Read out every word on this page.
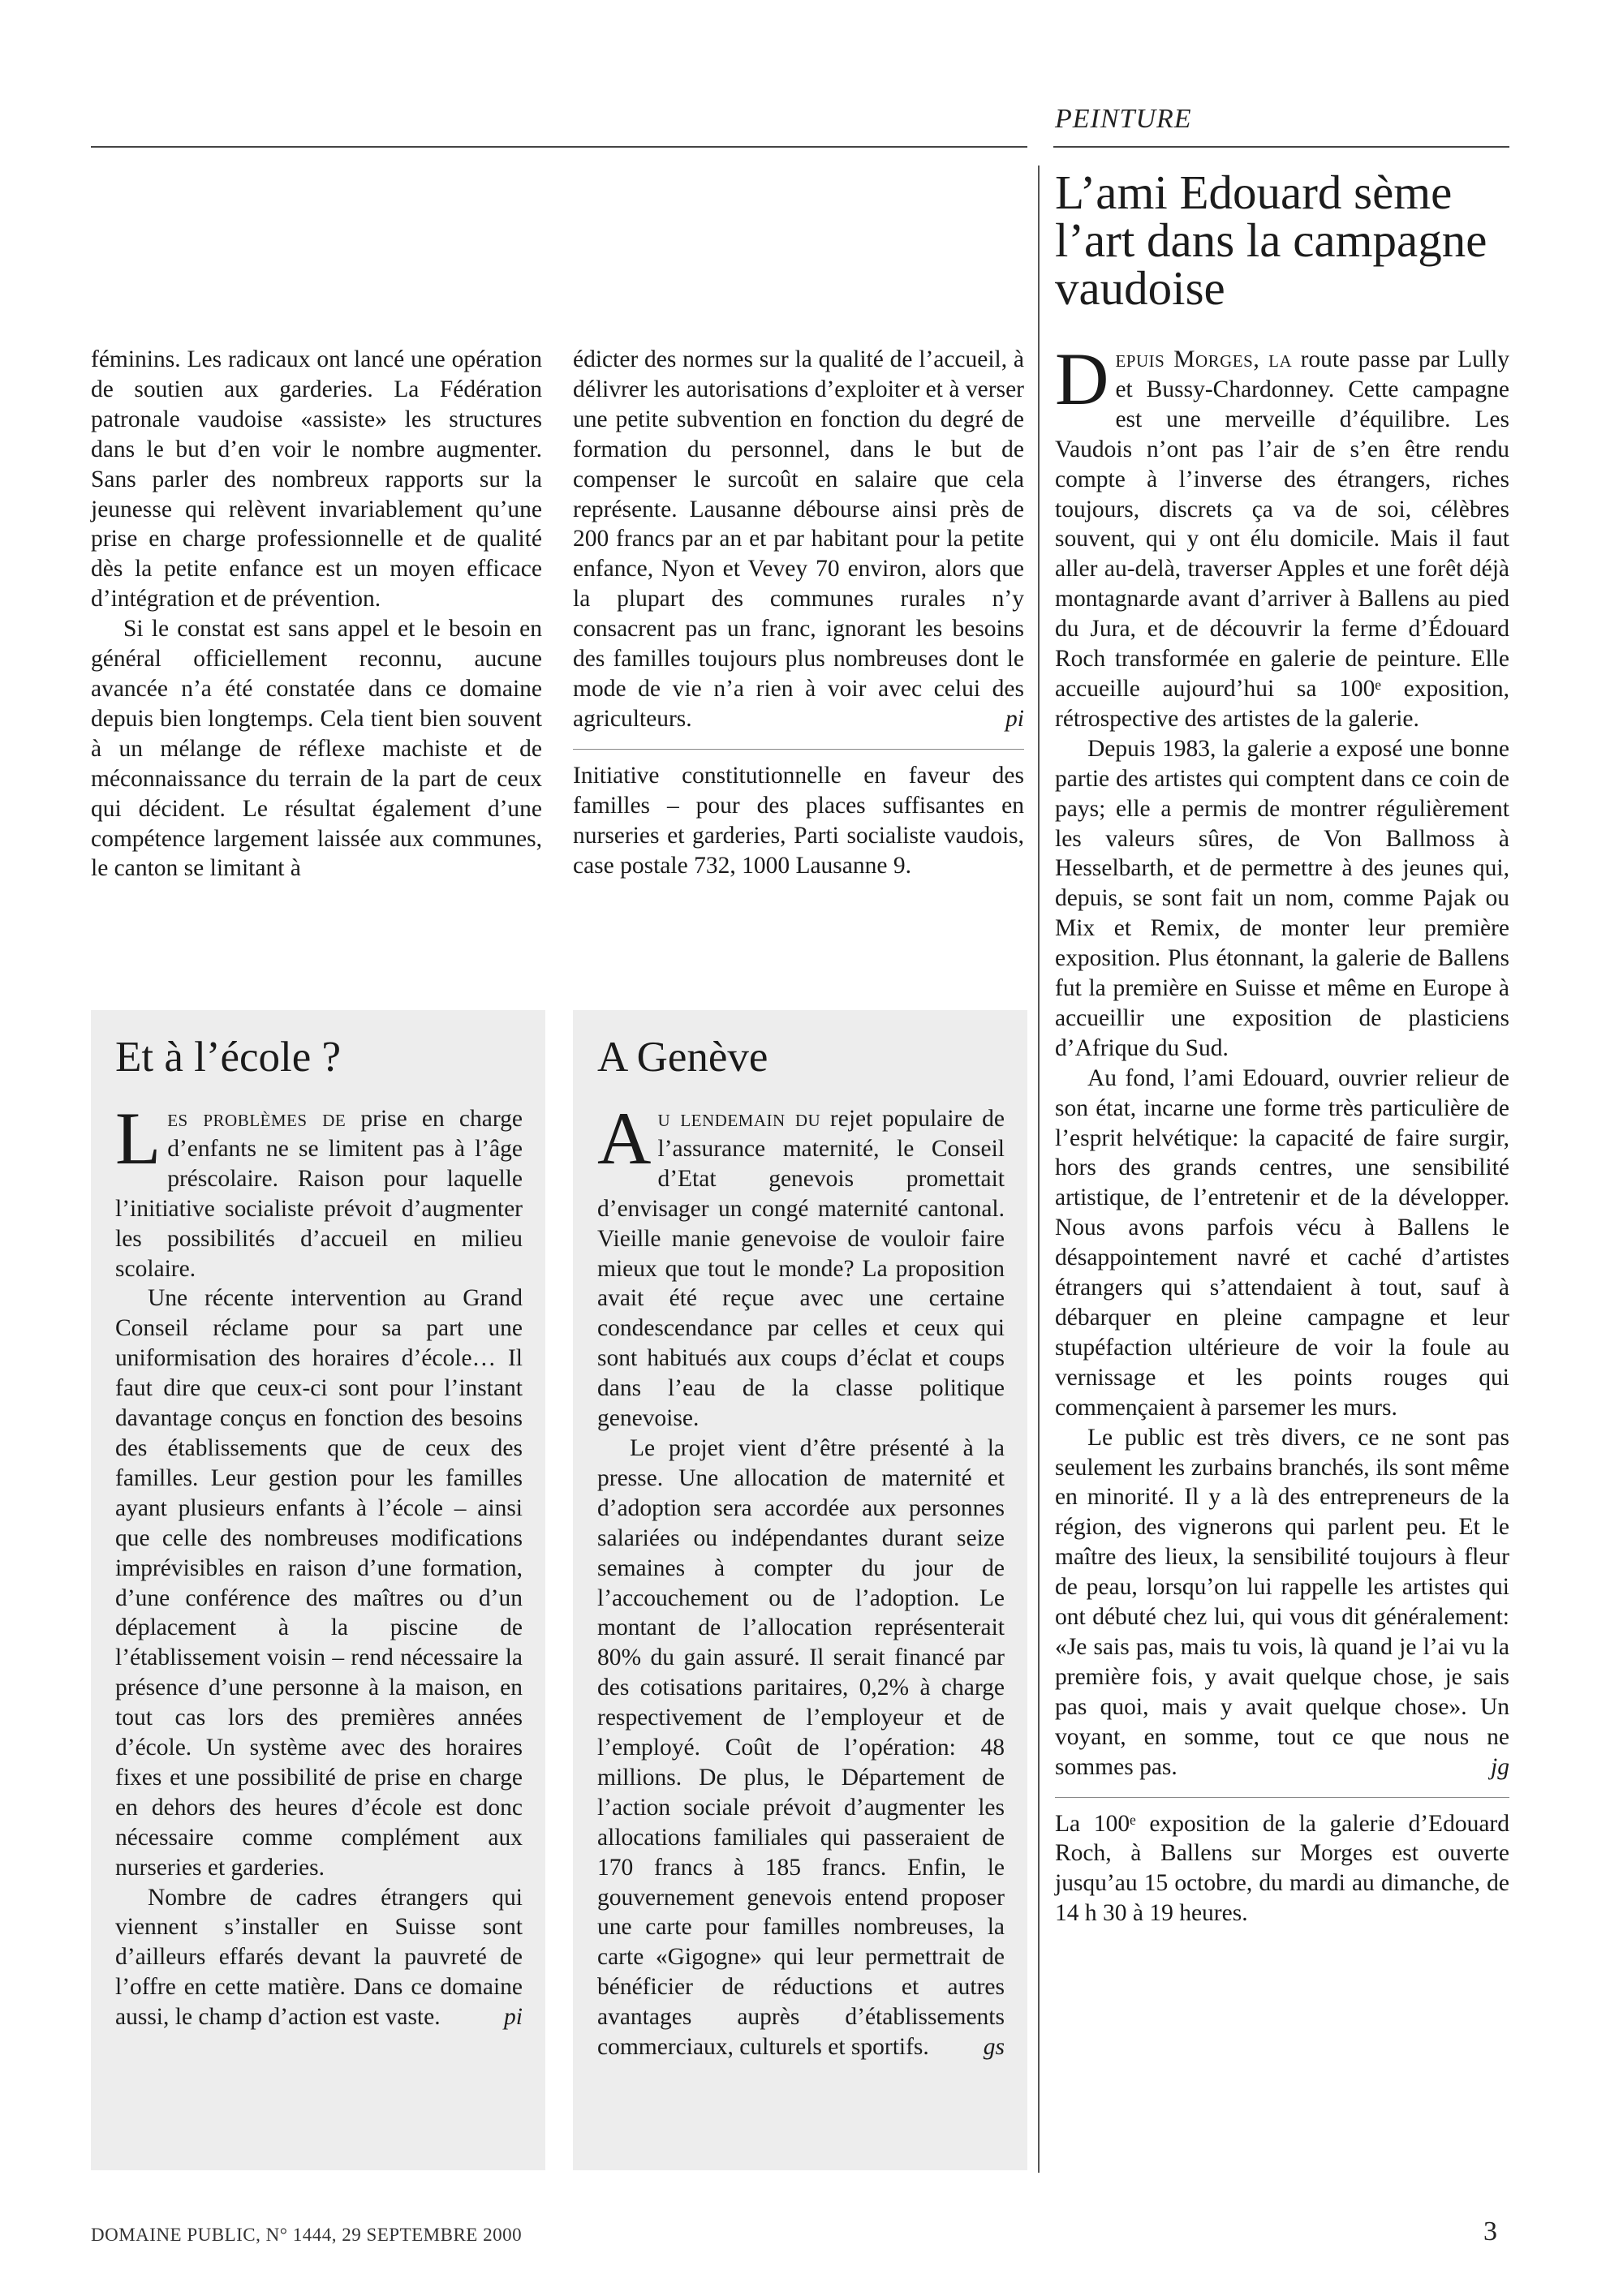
PEINTURE
L’ami Edouard sème l’art dans la campagne vaudoise

féminins. Les radicaux ont lancé une opération de soutien aux garderies. La Fédération patronale vaudoise «assiste» les structures dans le but d’en voir le nombre augmenter. Sans parler des nombreux rapports sur la jeunesse qui relèvent invariablement qu’une prise en charge professionnelle et de qualité dès la petite enfance est un moyen efficace d’intégration et de prévention.

Si le constat est sans appel et le besoin en général officiellement reconnu, aucune avancée n’a été constatée dans ce domaine depuis bien longtemps. Cela tient bien souvent à un mélange de réflexe machiste et de méconnaissance du terrain de la part de ceux qui décident. Le résultat également d’une compétence largement laissée aux communes, le canton se limitant à

édicter des normes sur la qualité de l’accueil, à délivrer les autorisations d’exploiter et à verser une petite subvention en fonction du degré de formation du personnel, dans le but de compenser le surcoût en salaire que cela représente. Lausanne débourse ainsi près de 200 francs par an et par habitant pour la petite enfance, Nyon et Vevey 70 environ, alors que la plupart des communes rurales n’y consacrent pas un franc, ignorant les besoins des familles toujours plus nombreuses dont le mode de vie n’a rien à voir avec celui des agriculteurs.	pi

Initiative constitutionnelle en faveur des familles – pour des places suffisantes en nurseries et garderies, Parti socialiste vaudois, case postale 732, 1000 Lausanne 9.

Et à l’école ?

Les problèmes de prise en charge d’enfants ne se limitent pas à l’âge préscolaire. Raison pour laquelle l’initiative socialiste prévoit d’augmenter les possibilités d’accueil en milieu scolaire.

Une récente intervention au Grand Conseil réclame pour sa part une uniformisation des horaires d’école… Il faut dire que ceux-ci sont pour l’instant davantage conçus en fonction des besoins des établissements que de ceux des familles. Leur gestion pour les familles ayant plusieurs enfants à l’école – ainsi que celle des nombreuses modifications imprévisibles en raison d’une formation, d’une conférence des maîtres ou d’un déplacement à la piscine de l’établissement voisin – rend nécessaire la présence d’une personne à la maison, en tout cas lors des premières années d’école. Un système avec des horaires fixes et une possibilité de prise en charge en dehors des heures d’école est donc nécessaire comme complément aux nurseries et garderies.

Nombre de cadres étrangers qui viennent s’installer en Suisse sont d’ailleurs effarés devant la pauvreté de l’offre en cette matière. Dans ce domaine aussi, le champ d’action est vaste.	pi

A Genève

Au lendemain du rejet populaire de l’assurance maternité, le Conseil d’Etat genevois promettait d’envisager un congé maternité cantonal. Vieille manie genevoise de vouloir faire mieux que tout le monde? La proposition avait été reçue avec une certaine condescendance par celles et ceux qui sont habitués aux coups d’éclat et coups dans l’eau de la classe politique genevoise.

Le projet vient d’être présenté à la presse. Une allocation de maternité et d’adoption sera accordée aux personnes salariées ou indépendantes durant seize semaines à compter du jour de l’accouchement ou de l’adoption. Le montant de l’allocation représenterait 80% du gain assuré. Il serait financé par des cotisations paritaires, 0,2% à charge respectivement de l’employeur et de l’employé. Coût de l’opération: 48 millions. De plus, le Département de l’action sociale prévoit d’augmenter les allocations familiales qui passeraient de 170 francs à 185 francs. Enfin, le gouvernement genevois entend proposer une carte pour familles nombreuses, la carte «Gigogne» qui leur permettrait de bénéficier de réductions et autres avantages auprès d’établissements commerciaux, culturels et sportifs.	gs

Depuis Morges, la route passe par Lully et Bussy-Chardonney. Cette campagne est une merveille d’équilibre. Les Vaudois n’ont pas l’air de s’en être rendu compte à l’inverse des étrangers, riches toujours, discrets ça va de soi, célèbres souvent, qui y ont élu domicile. Mais il faut aller au-delà, traverser Apples et une forêt déjà montagnarde avant d’arriver à Ballens au pied du Jura, et de découvrir la ferme d’Édouard Roch transformée en galerie de peinture. Elle accueille aujourd’hui sa 100ᵉ exposition, rétrospective des artistes de la galerie.

Depuis 1983, la galerie a exposé une bonne partie des artistes qui comptent dans ce coin de pays; elle a permis de montrer régulièrement les valeurs sûres, de Von Ballmoss à Hesselbarth, et de permettre à des jeunes qui, depuis, se sont fait un nom, comme Pajak ou Mix et Remix, de monter leur première exposition. Plus étonnant, la galerie de Ballens fut la première en Suisse et même en Europe à accueillir une exposition de plasticiens d’Afrique du Sud.

Au fond, l’ami Edouard, ouvrier relieur de son état, incarne une forme très particulière de l’esprit helvétique: la capacité de faire surgir, hors des grands centres, une sensibilité artistique, de l’entretenir et de la développer. Nous avons parfois vécu à Ballens le désappointement navré et caché d’artistes étrangers qui s’attendaient à tout, sauf à débarquer en pleine campagne et leur stupéfaction ultérieure de voir la foule au vernissage et les points rouges qui commençaient à parsemer les murs.

Le public est très divers, ce ne sont pas seulement les zurbains branchés, ils sont même en minorité. Il y a là des entrepreneurs de la région, des vignerons qui parlent peu. Et le maître des lieux, la sensibilité toujours à fleur de peau, lorsqu’on lui rappelle les artistes qui ont débuté chez lui, qui vous dit généralement: «Je sais pas, mais tu vois, là quand je l’ai vu la première fois, y avait quelque chose, je sais pas quoi, mais y avait quelque chose». Un voyant, en somme, tout ce que nous ne sommes pas.	jg

La 100ᵉ exposition de la galerie d’Edouard Roch, à Ballens sur Morges est ouverte jusqu’au 15 octobre, du mardi au dimanche, de 14 h 30 à 19 heures.

DOMAINE PUBLIC, N° 1444, 29 SEPTEMBRE 2000	3
